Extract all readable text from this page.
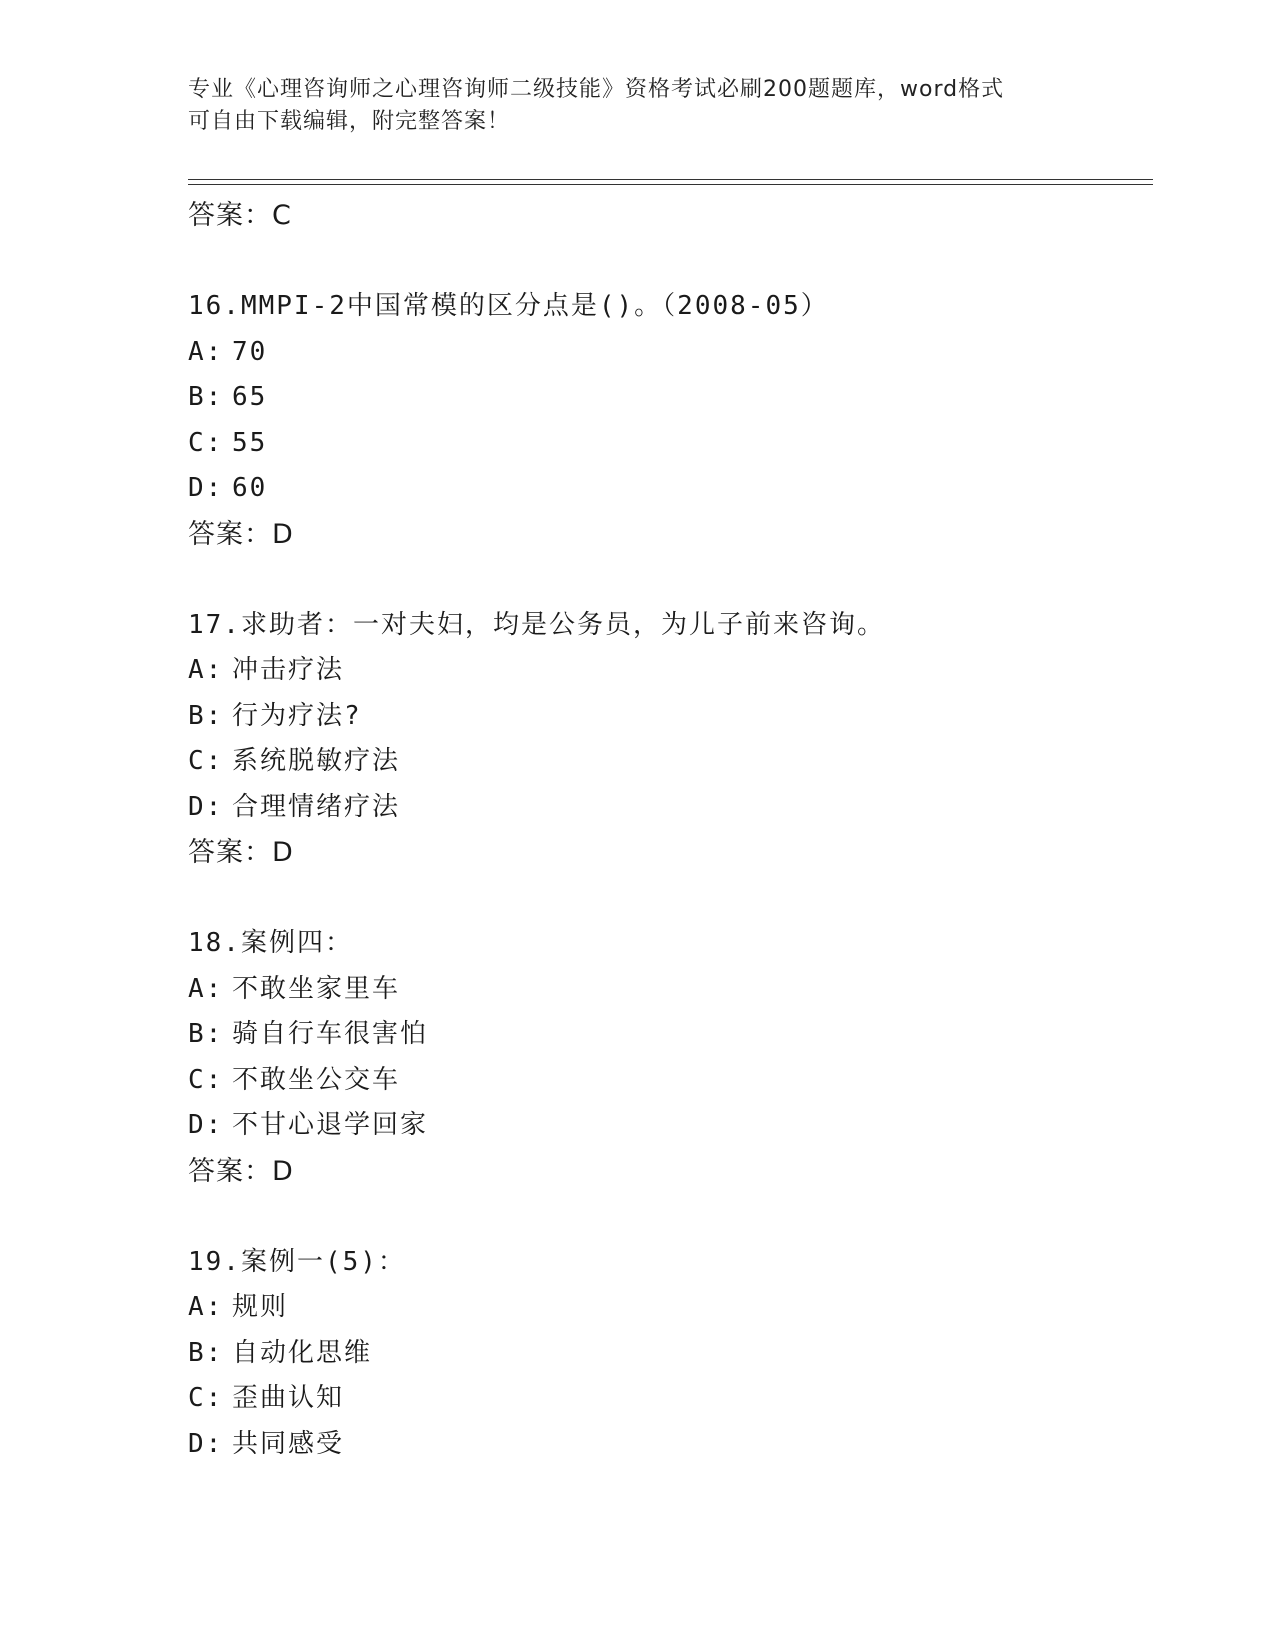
专业《心理咨询师之心理咨询师二级技能》资格考试必刷200题题库，word格式
可自由下载编辑，附完整答案！
答案：C
16.MMPI-2中国常模的区分点是()。（2008-05）
A: 70
B: 65
C: 55
D: 60
答案：D
17.求助者：一对夫妇，均是公务员，为儿子前来咨询。
A: 冲击疗法
B: 行为疗法?
C: 系统脱敏疗法
D: 合理情绪疗法
答案：D
18.案例四：
A: 不敢坐家里车
B: 骑自行车很害怕
C: 不敢坐公交车
D: 不甘心退学回家
答案：D
19.案例一(5)：
A: 规则
B: 自动化思维
C: 歪曲认知
D: 共同感受
